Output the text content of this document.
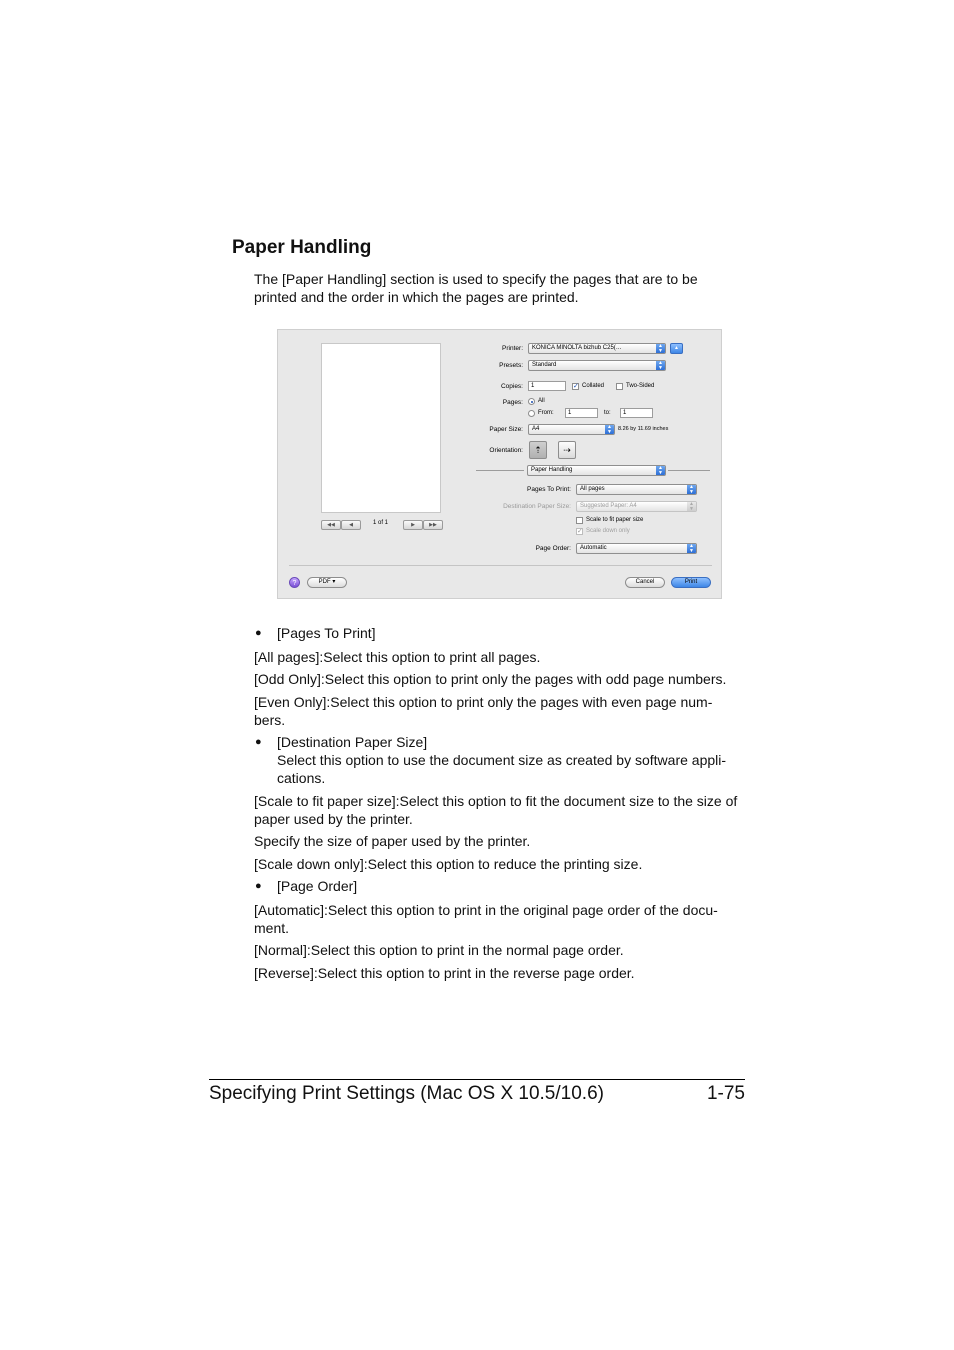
Paper Handling
The [Paper Handling] section is used to specify the pages that are to be printed and the order in which the pages are printed.
◀◀	◀	1 of 1	▶	▶▶
Printer:	KONICA MINOLTA bizhub C25(…	▲
▼	▲
Presets:	Standard	▲
▼
Copies:	1	✓ Collated	Two-Sided
Pages:	All
From:	1	to:	1
Paper Size:	A4	▲
▼	8.26 by 11.69 inches
Orientation:	⇡	⇢
Paper Handling	▲
▼
Pages To Print:	All pages	▲
▼
Destination Paper Size:	Suggested Paper: A4	▲
▼
Scale to fit paper size
✓ Scale down only
Page Order:	Automatic	▲
▼
?	PDF ▾	Cancel	Print
● [Pages To Print]
[All pages]:Select this option to print all pages.
[Odd Only]:Select this option to print only the pages with odd page numbers.
[Even Only]:Select this option to print only the pages with even page num-bers.
● [Destination Paper Size]
Select this option to use the document size as created by software appli-cations.
[Scale to fit paper size]:Select this option to fit the document size to the size of paper used by the printer.
Specify the size of paper used by the printer.
[Scale down only]:Select this option to reduce the printing size.
● [Page Order]
[Automatic]:Select this option to print in the original page order of the docu-ment.
[Normal]:Select this option to print in the normal page order.
[Reverse]:Select this option to print in the reverse page order.
Specifying Print Settings (Mac OS X 10.5/10.6)	1-75
